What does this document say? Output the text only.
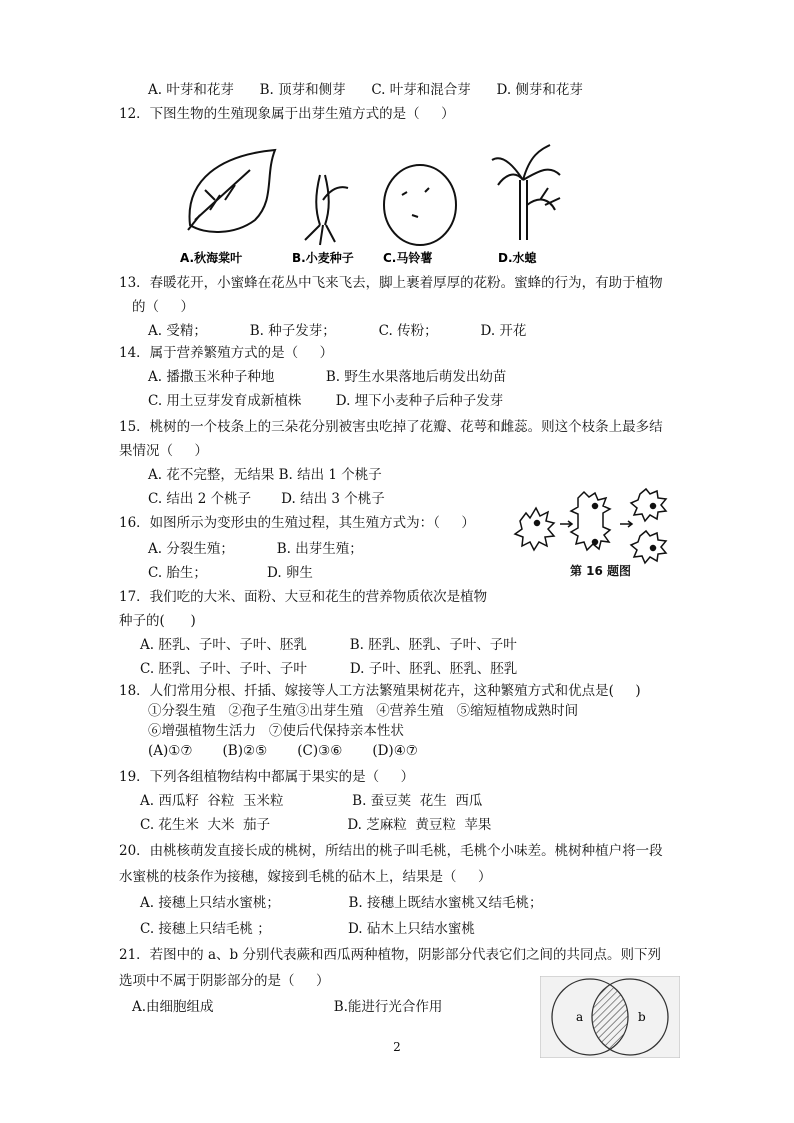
A. 叶芽和花芽      B. 顶芽和侧芽      C. 叶芽和混合芽      D. 侧芽和花芽
12．下图生物的生殖现象属于出芽生殖方式的是（     ）
A.秋海棠叶	B.小麦种子 C.马铃薯	D.水螅
13．春暖花开，小蜜蜂在花丛中飞来飞去，脚上裹着厚厚的花粉。蜜蜂的行为，有助于植物
的（     ）
A. 受精；          B. 种子发芽；          C. 传粉；          D. 开花
14．属于营养繁殖方式的是（     ）
A. 播撒玉米种子种地            B. 野生水果落地后萌发出幼苗
C. 用土豆芽发育成新植株        D. 埋下小麦种子后种子发芽
15．桃树的一个枝条上的三朵花分别被害虫吃掉了花瓣、花萼和雌蕊。则这个枝条上最多结
果情况（     ）
A. 花不完整，无结果 B. 结出 1 个桃子
C. 结出 2 个桃子       D. 结出 3 个桃子
16．如图所示为变形虫的生殖过程，其生殖方式为：（     ）
A. 分裂生殖；          B. 出芽生殖；
C. 胎生；              D. 卵生	第 16 题图
17．我们吃的大米、面粉、大豆和花生的营养物质依次是植物
种子的(      )
A. 胚乳、子叶、子叶、胚乳          B. 胚乳、胚乳、子叶、子叶
C. 胚乳、子叶、子叶、子叶          D. 子叶、胚乳、胚乳、胚乳
18．人们常用分根、扦插、嫁接等人工方法繁殖果树花卉，这种繁殖方式和优点是(     )
①分裂生殖   ②孢子生殖③出芽生殖   ④营养生殖   ⑤缩短植物成熟时间
⑥增强植物生活力   ⑦使后代保持亲本性状
(A)①⑦       (B)②⑤       (C)③⑥       (D)④⑦
19．下列各组植物结构中都属于果实的是（     ）
A. 西瓜籽  谷粒  玉米粒                B. 蚕豆荚  花生  西瓜
C. 花生米  大米  茄子                  D. 芝麻粒  黄豆粒  苹果
20．由桃核萌发直接长成的桃树，所结出的桃子叫毛桃，毛桃个小味差。桃树种植户将一段
水蜜桃的枝条作为接穗，嫁接到毛桃的砧木上，结果是（     ）
A. 接穗上只结水蜜桃；                B. 接穗上既结水蜜桃又结毛桃；
C. 接穗上只结毛桃 ；                  D. 砧木上只结水蜜桃
21．若图中的 a、b 分别代表蕨和西瓜两种植物，阴影部分代表它们之间的共同点。则下列
选项中不属于阴影部分的是（     ）
A.由细胞组成                            B.能进行光合作用
a	b
2
